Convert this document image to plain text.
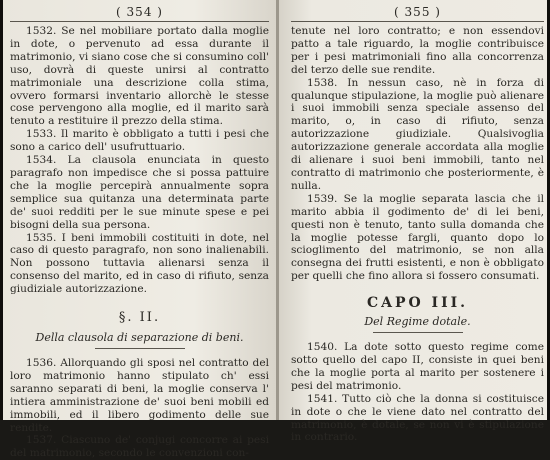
( 354 )

1532. Se nel mobiliare portato dalla moglie in dote, o pervenuto ad essa durante il matrimonio, vi siano cose che si consumino coll' uso, dovrà di queste unirsi al contratto matrimoniale una descrizione colla stima, ovvero formarsi inventario allorchè le stesse cose pervengono alla moglie, ed il marito sarà tenuto a restituire il prezzo della stima.

1533. Il marito è obbligato a tutti i pesi che sono a carico dell' usufruttuario.

1534. La clausola enunciata in questo paragrafo non impedisce che si possa pattuire che la moglie percepirà annualmente sopra semplice sua quitanza una determinata parte de' suoi redditi per le sue minute spese e pei bisogni della sua persona.

1535. I beni immobili costituiti in dote, nel caso di questo paragrafo, non sono inalienabili. Non possono tuttavia alienarsi senza il consenso del marito, ed in caso di rifiuto, senza giudiziale autorizzazione.

§. II.
Della clausola di separazione di beni.

1536. Allorquando gli sposi nel contratto del loro matrimonio hanno stipulato ch' essi saranno separati di beni, la moglie conserva l' intiera amministrazione de' suoi beni mobili ed immobili, ed il libero godimento delle sue rendite.

1537. Ciascuno de' conjugi concorre ai pesi del matrimonio, secondo le convenzioni con-

( 355 )

tenute nel loro contratto; e non essendovi patto a tale riguardo, la moglie contribuisce per i pesi matrimoniali fino alla concorrenza del terzo delle sue rendite.

1538. In nessun caso, nè in forza di qualunque stipulazione, la moglie può alienare i suoi immobili senza speciale assenso del marito, o, in caso di rifiuto, senza autorizzazione giudiziale. Qualsivoglia autorizzazione generale accordata alla moglie di alienare i suoi beni immobili, tanto nel contratto di matrimonio che posteriormente, è nulla.

1539. Se la moglie separata lascia che il marito abbia il godimento de' di lei beni, questi non è tenuto, tanto sulla domanda che la moglie potesse fargli, quanto dopo lo scioglimento del matrimonio, se non alla consegna dei frutti esistenti, e non è obbligato per quelli che fino allora si fossero consumati.

CAPO III.
Del Regime dotale.

1540. La dote sotto questo regime come sotto quello del capo II, consiste in quei beni che la moglie porta al marito per sostenere i pesi del matrimonio.

1541. Tutto ciò che la donna si costituisce in dote o che le viene dato nel contratto del matrimonio, è dotale, se non vi è stipulazione in contrario.
